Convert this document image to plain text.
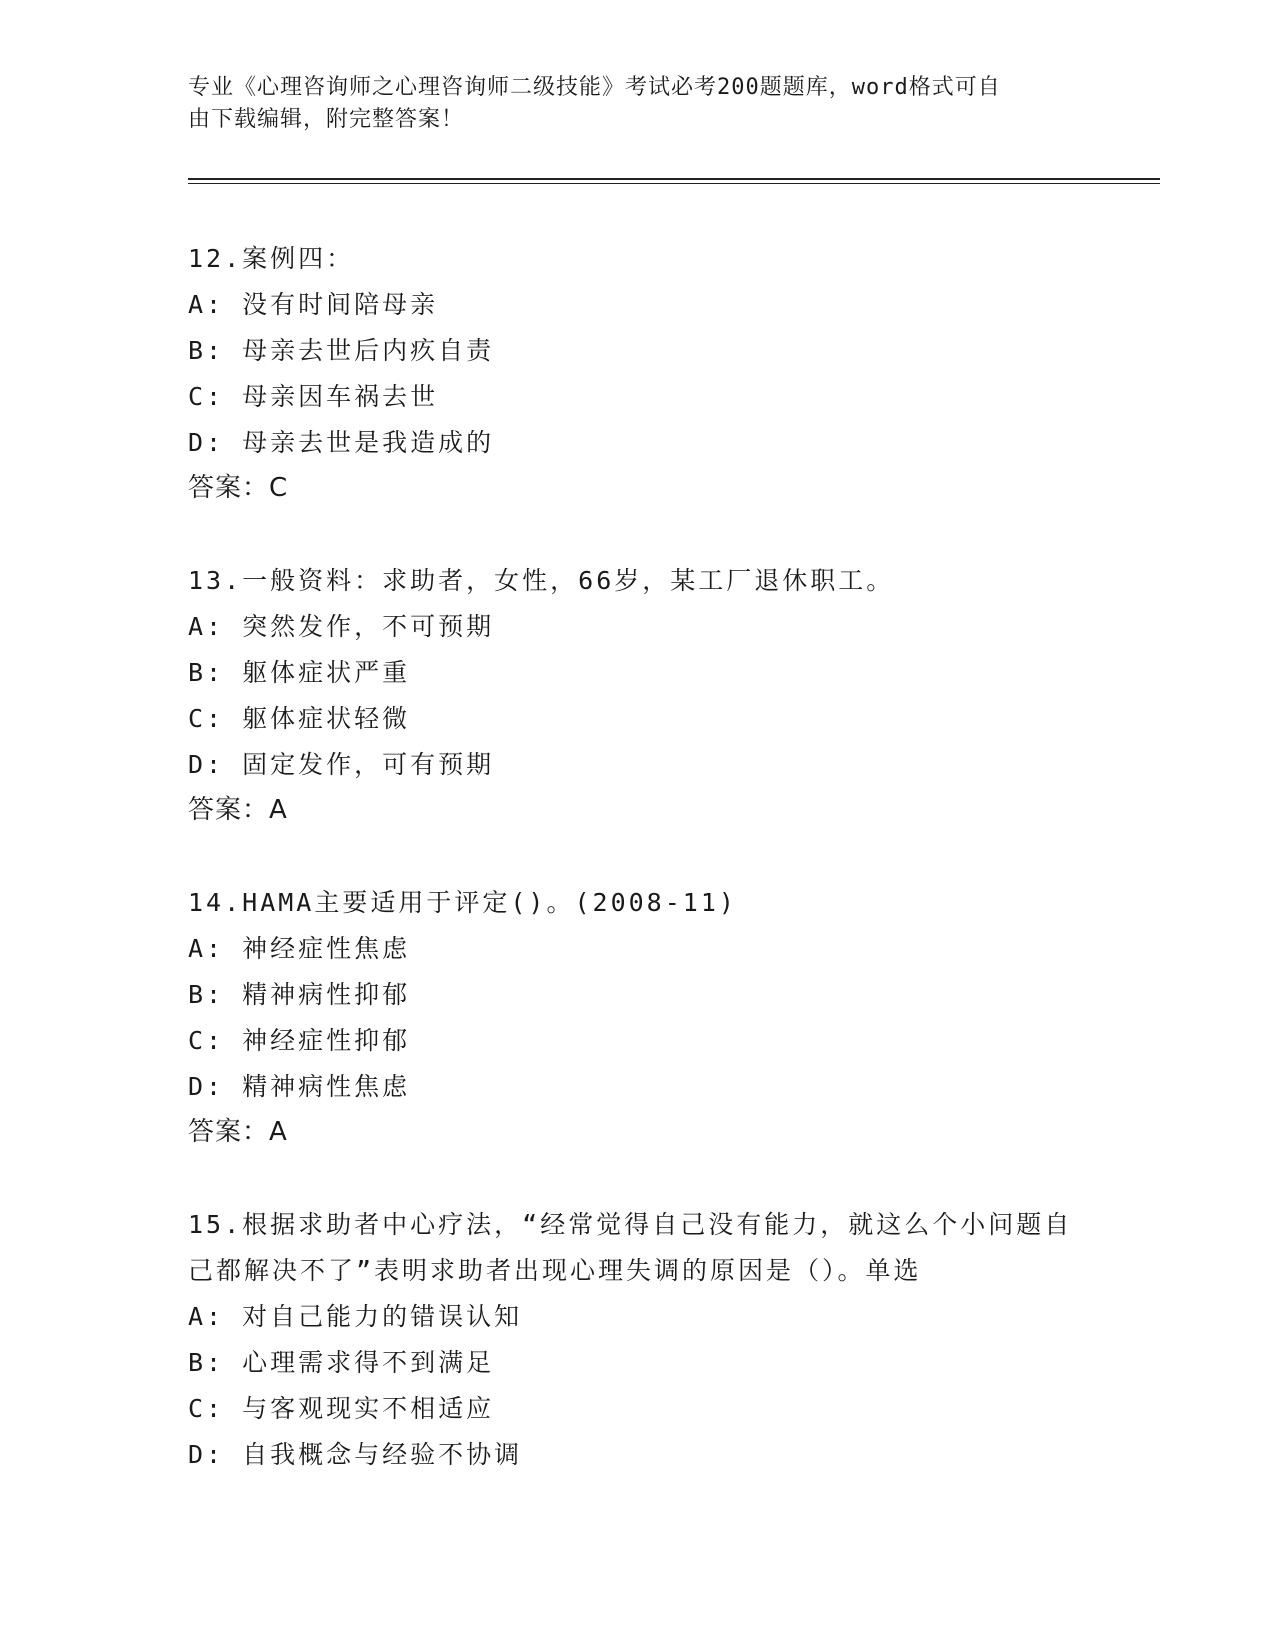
专业《心理咨询师之心理咨询师二级技能》考试必考200题题库，word格式可自
由下载编辑，附完整答案！
12.案例四：
A: 没有时间陪母亲
B: 母亲去世后内疚自责
C: 母亲因车祸去世
D: 母亲去世是我造成的
答案：C
13.一般资料：求助者，女性，66岁，某工厂退休职工。
A: 突然发作，不可预期
B: 躯体症状严重
C: 躯体症状轻微
D: 固定发作，可有预期
答案：A
14.HAMA主要适用于评定()。(2008-11)
A: 神经症性焦虑
B: 精神病性抑郁
C: 神经症性抑郁
D: 精神病性焦虑
答案：A
15.根据求助者中心疗法，“经常觉得自己没有能力，就这么个小问题自己都解决不了”表明求助者出现心理失调的原因是（）。单选
A: 对自己能力的错误认知
B: 心理需求得不到满足
C: 与客观现实不相适应
D: 自我概念与经验不协调
